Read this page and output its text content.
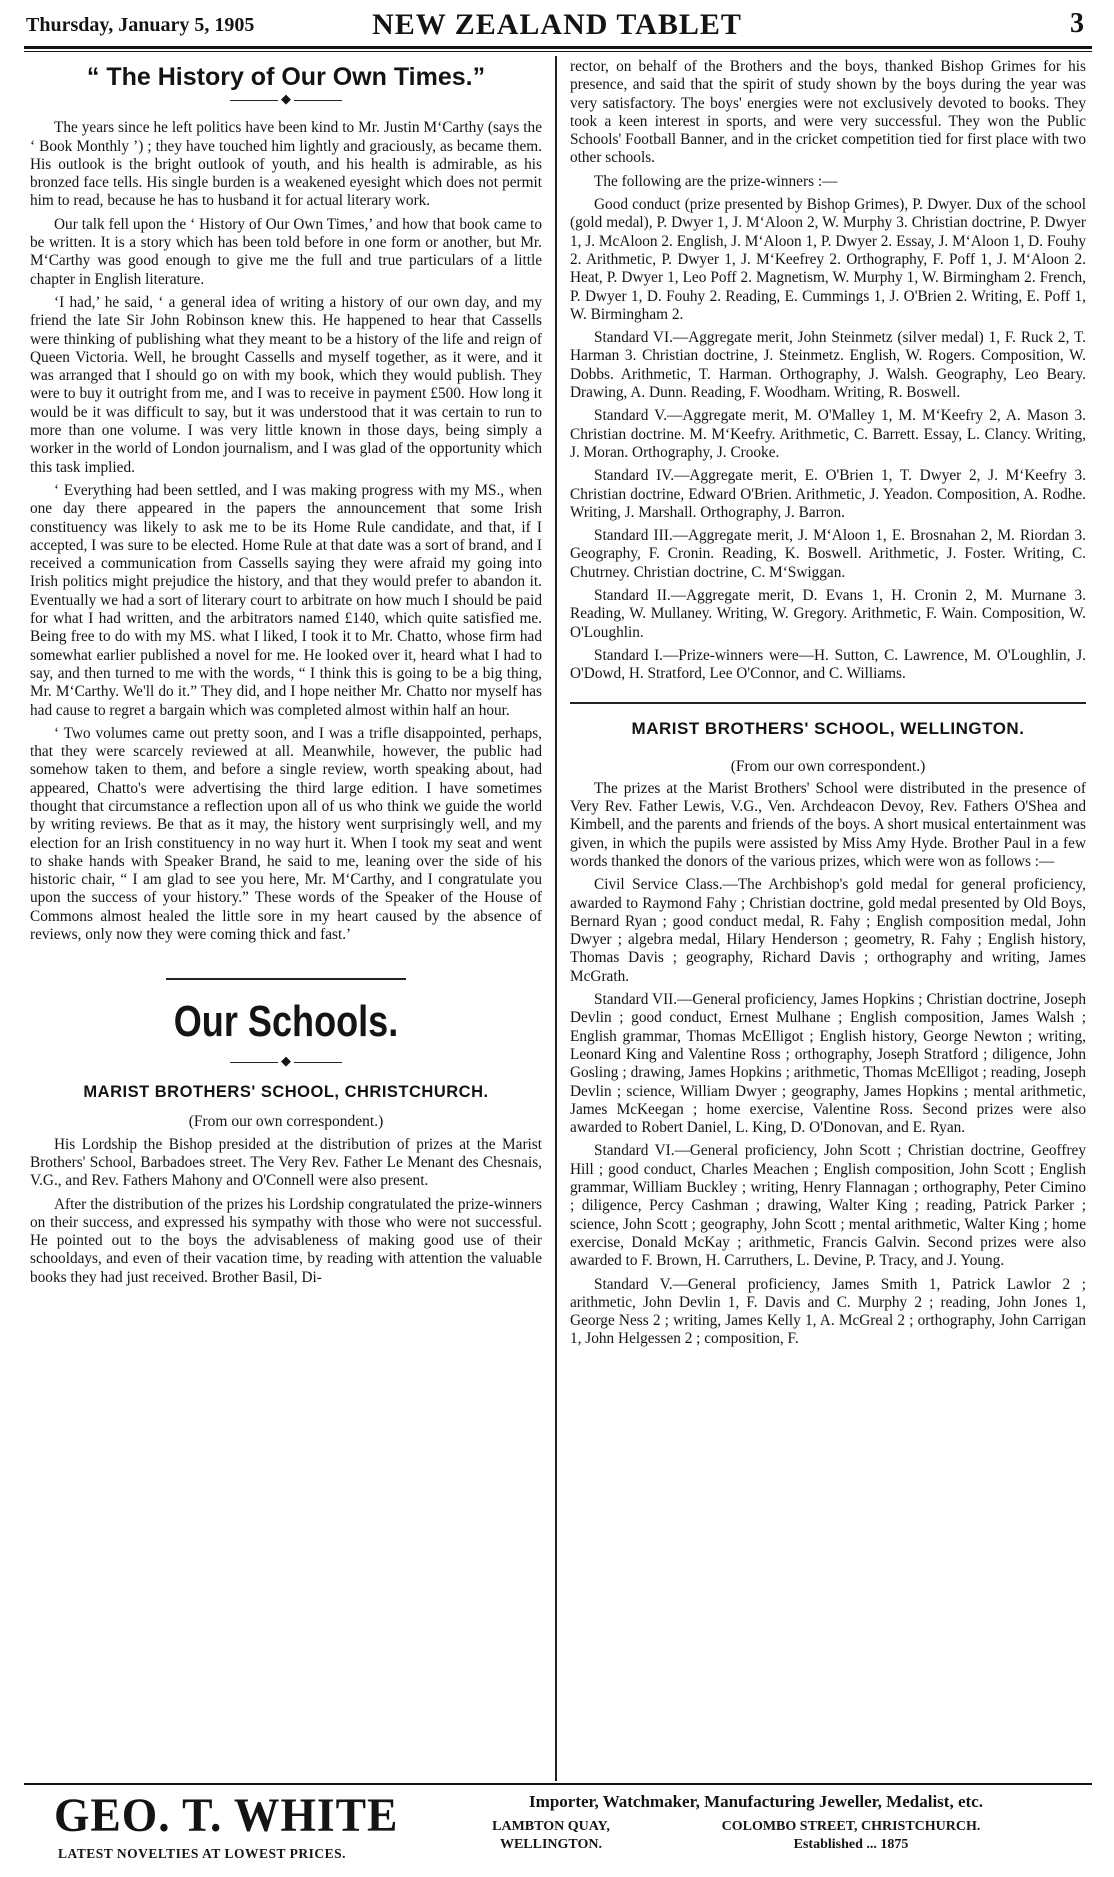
Thursday, January 5, 1905	NEW ZEALAND TABLET	3
“ The History of Our Own Times.”
◆

The years since he left politics have been kind to Mr. Justin M‘Carthy (says the ‘ Book Monthly ’) ; they have touched him lightly and graciously, as became them. His outlook is the bright outlook of youth, and his health is admirable, as his bronzed face tells. His single burden is a weakened eyesight which does not permit him to read, because he has to husband it for actual literary work.

Our talk fell upon the ‘ History of Our Own Times,’ and how that book came to be written. It is a story which has been told before in one form or another, but Mr. M‘Carthy was good enough to give me the full and true particulars of a little chapter in English literature.

‘I had,’ he said, ‘ a general idea of writing a history of our own day, and my friend the late Sir John Robinson knew this. He happened to hear that Cassells were thinking of publishing what they meant to be a history of the life and reign of Queen Victoria. Well, he brought Cassells and myself together, as it were, and it was arranged that I should go on with my book, which they would publish. They were to buy it outright from me, and I was to receive in payment £500. How long it would be it was difficult to say, but it was understood that it was certain to run to more than one volume. I was very little known in those days, being simply a worker in the world of London journalism, and I was glad of the opportunity which this task implied.

‘ Everything had been settled, and I was making progress with my MS., when one day there appeared in the papers the announcement that some Irish constituency was likely to ask me to be its Home Rule candidate, and that, if I accepted, I was sure to be elected. Home Rule at that date was a sort of brand, and I received a communication from Cassells saying they were afraid my going into Irish politics might prejudice the history, and that they would prefer to abandon it. Eventually we had a sort of literary court to arbitrate on how much I should be paid for what I had written, and the arbitrators named £140, which quite satisfied me. Being free to do with my MS. what I liked, I took it to Mr. Chatto, whose firm had somewhat earlier published a novel for me. He looked over it, heard what I had to say, and then turned to me with the words, “ I think this is going to be a big thing, Mr. M‘Carthy. We'll do it.” They did, and I hope neither Mr. Chatto nor myself has had cause to regret a bargain which was completed almost within half an hour.

‘ Two volumes came out pretty soon, and I was a trifle disappointed, perhaps, that they were scarcely reviewed at all. Meanwhile, however, the public had somehow taken to them, and before a single review, worth speaking about, had appeared, Chatto's were advertising the third large edition. I have sometimes thought that circumstance a reflection upon all of us who think we guide the world by writing reviews. Be that as it may, the history went surprisingly well, and my election for an Irish constituency in no way hurt it. When I took my seat and went to shake hands with Speaker Brand, he said to me, leaning over the side of his historic chair, “ I am glad to see you here, Mr. M‘Carthy, and I congratulate you upon the success of your history.” These words of the Speaker of the House of Commons almost healed the little sore in my heart caused by the absence of reviews, only now they were coming thick and fast.’

Our Schools.
◆
MARIST BROTHERS' SCHOOL, CHRISTCHURCH.
(From our own correspondent.)

His Lordship the Bishop presided at the distribution of prizes at the Marist Brothers' School, Barbadoes street. The Very Rev. Father Le Menant des Chesnais, V.G., and Rev. Fathers Mahony and O'Connell were also present.

After the distribution of the prizes his Lordship congratulated the prize-winners on their success, and expressed his sympathy with those who were not successful. He pointed out to the boys the advisableness of making good use of their schooldays, and even of their vacation time, by reading with attention the valuable books they had just received. Brother Basil, Di-

rector, on behalf of the Brothers and the boys, thanked Bishop Grimes for his presence, and said that the spirit of study shown by the boys during the year was very satisfactory. The boys' energies were not exclusively devoted to books. They took a keen interest in sports, and were very successful. They won the Public Schools' Football Banner, and in the cricket competition tied for first place with two other schools.

The following are the prize-winners :—

Good conduct (prize presented by Bishop Grimes), P. Dwyer. Dux of the school (gold medal), P. Dwyer 1, J. M‘Aloon 2, W. Murphy 3. Christian doctrine, P. Dwyer 1, J. McAloon 2. English, J. M‘Aloon 1, P. Dwyer 2. Essay, J. M‘Aloon 1, D. Fouhy 2. Arithmetic, P. Dwyer 1, J. M‘Keefrey 2. Orthography, F. Poff 1, J. M‘Aloon 2. Heat, P. Dwyer 1, Leo Poff 2. Magnetism, W. Murphy 1, W. Birmingham 2. French, P. Dwyer 1, D. Fouhy 2. Reading, E. Cummings 1, J. O'Brien 2. Writing, E. Poff 1, W. Birmingham 2.

Standard VI.—Aggregate merit, John Steinmetz (silver medal) 1, F. Ruck 2, T. Harman 3. Christian doctrine, J. Steinmetz. English, W. Rogers. Composition, W. Dobbs. Arithmetic, T. Harman. Orthography, J. Walsh. Geography, Leo Beary. Drawing, A. Dunn. Reading, F. Woodham. Writing, R. Boswell.

Standard V.—Aggregate merit, M. O'Malley 1, M. M‘Keefry 2, A. Mason 3. Christian doctrine. M. M‘Keefry. Arithmetic, C. Barrett. Essay, L. Clancy. Writing, J. Moran. Orthography, J. Crooke.

Standard IV.—Aggregate merit, E. O'Brien 1, T. Dwyer 2, J. M‘Keefry 3. Christian doctrine, Edward O'Brien. Arithmetic, J. Yeadon. Composition, A. Rodhe. Writing, J. Marshall. Orthography, J. Barron.

Standard III.—Aggregate merit, J. M‘Aloon 1, E. Brosnahan 2, M. Riordan 3. Geography, F. Cronin. Reading, K. Boswell. Arithmetic, J. Foster. Writing, C. Chutrney. Christian doctrine, C. M‘Swiggan.

Standard II.—Aggregate merit, D. Evans 1, H. Cronin 2, M. Murnane 3. Reading, W. Mullaney. Writing, W. Gregory. Arithmetic, F. Wain. Composition, W. O'Loughlin.

Standard I.—Prize-winners were—H. Sutton, C. Lawrence, M. O'Loughlin, J. O'Dowd, H. Stratford, Lee O'Connor, and C. Williams.

MARIST BROTHERS' SCHOOL, WELLINGTON.
(From our own correspondent.)

The prizes at the Marist Brothers' School were distributed in the presence of Very Rev. Father Lewis, V.G., Ven. Archdeacon Devoy, Rev. Fathers O'Shea and Kimbell, and the parents and friends of the boys. A short musical entertainment was given, in which the pupils were assisted by Miss Amy Hyde. Brother Paul in a few words thanked the donors of the various prizes, which were won as follows :—

Civil Service Class.—The Archbishop's gold medal for general proficiency, awarded to Raymond Fahy ; Christian doctrine, gold medal presented by Old Boys, Bernard Ryan ; good conduct medal, R. Fahy ; English composition medal, John Dwyer ; algebra medal, Hilary Henderson ; geometry, R. Fahy ; English history, Thomas Davis ; geography, Richard Davis ; orthography and writing, James McGrath.

Standard VII.—General proficiency, James Hopkins ; Christian doctrine, Joseph Devlin ; good conduct, Ernest Mulhane ; English composition, James Walsh ; English grammar, Thomas McElligot ; English history, George Newton ; writing, Leonard King and Valentine Ross ; orthography, Joseph Stratford ; diligence, John Gosling ; drawing, James Hopkins ; arithmetic, Thomas McElligot ; reading, Joseph Devlin ; science, William Dwyer ; geography, James Hopkins ; mental arithmetic, James McKeegan ; home exercise, Valentine Ross. Second prizes were also awarded to Robert Daniel, L. King, D. O'Donovan, and E. Ryan.

Standard VI.—General proficiency, John Scott ; Christian doctrine, Geoffrey Hill ; good conduct, Charles Meachen ; English composition, John Scott ; English grammar, William Buckley ; writing, Henry Flannagan ; orthography, Peter Cimino ; diligence, Percy Cashman ; drawing, Walter King ; reading, Patrick Parker ; science, John Scott ; geography, John Scott ; mental arithmetic, Walter King ; home exercise, Donald McKay ; arithmetic, Francis Galvin. Second prizes were also awarded to F. Brown, H. Carruthers, L. Devine, P. Tracy, and J. Young.

Standard V.—General proficiency, James Smith 1, Patrick Lawlor 2 ; arithmetic, John Devlin 1, F. Davis and C. Murphy 2 ; reading, John Jones 1, George Ness 2 ; writing, James Kelly 1, A. McGreal 2 ; orthography, John Carrigan 1, John Helgessen 2 ; composition, F.

GEO. T. WHITE
LATEST NOVELTIES AT LOWEST PRICES.
Importer, Watchmaker, Manufacturing Jeweller, Medalist, etc.
LAMBTON QUAY,
WELLINGTON.
COLOMBO STREET, CHRISTCHURCH.
Established ... 1875
